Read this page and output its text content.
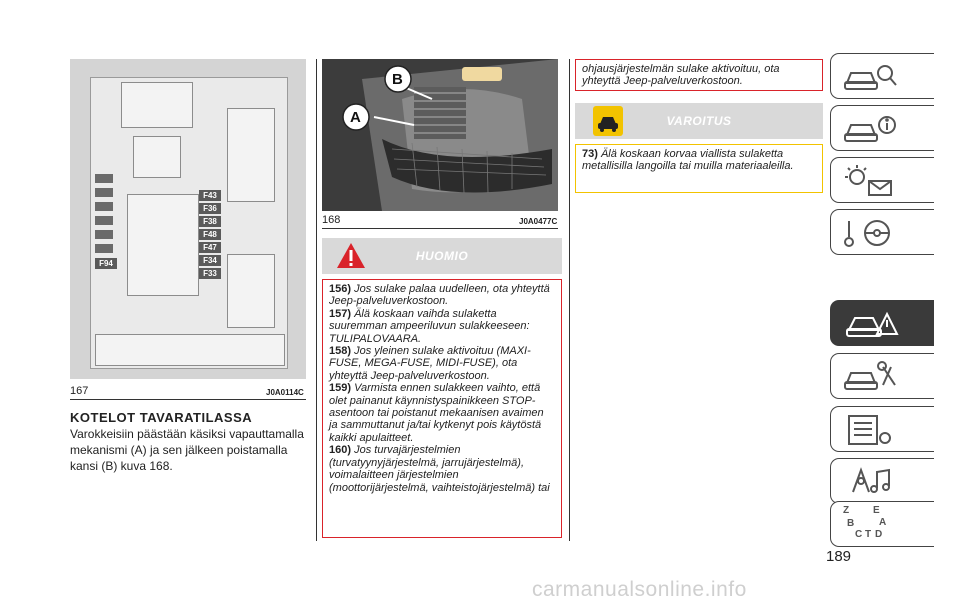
F94
F43
F36
F38
F48
F47
F34
F33
167	J0A0114C
KOTELOT TAVARATILASSA

Varokkeisiin päästään käsiksi vapauttamalla mekanismi (A) ja sen jälkeen poistamalla kansi (B) kuva 168.

A
B
168	J0A0477C
HUOMIO

156) Jos sulake palaa uudelleen, ota yhteyttä Jeep-palveluverkostoon.

157) Älä koskaan vaihda sulaketta suuremman ampeeriluvun sulakkeeseen: TULIPALOVAARA.

158) Jos yleinen sulake aktivoituu (MAXI-FUSE, MEGA-FUSE, MIDI-FUSE), ota yhteyttä Jeep-palveluverkostoon.

159) Varmista ennen sulakkeen vaihto, että olet painanut käynnistyspainikkeen STOP-asentoon tai poistanut mekaanisen avaimen ja sammuttanut ja/tai kytkenyt pois käytöstä kaikki apulaitteet.

160) Jos turvajärjestelmien (turvatyynyjärjestelmä, jarrujärjestelmä), voimalaitteen järjestelmien (moottorijärjestelmä, vaihteistojärjestelmä) tai

ohjausjärjestelmän sulake aktivoituu, ota yhteyttä Jeep-palveluverkostoon.

VAROITUS

73) Älä koskaan korvaa viallista sulaketta metallisilla langoilla tai muilla materiaaleilla.

Z E
B A
C T D
189
carmanualsonline.info
